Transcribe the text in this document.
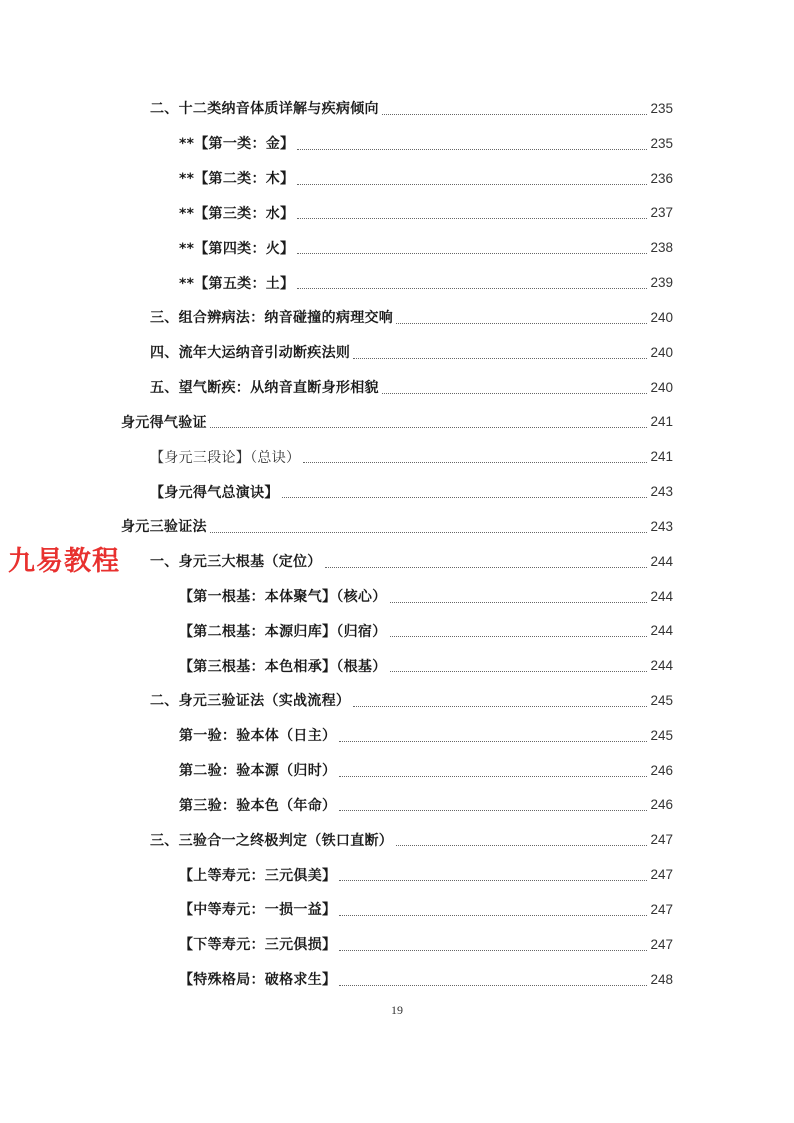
二、十二类纳音体质详解与疾病倾向	235
**【第一类：金】	235
**【第二类：木】	236
**【第三类：水】	237
**【第四类：火】	238
**【第五类：土】	239
三、组合辨病法：纳音碰撞的病理交响	240
四、流年大运纳音引动断疾法则	240
五、望气断疾：从纳音直断身形相貌	240
身元得气验证	241
【身元三段论】（总诀）	241
【身元得气总演诀】	243
身元三验证法	243
一、身元三大根基（定位）	244
【第一根基：本体聚气】（核心）	244
【第二根基：本源归库】（归宿）	244
【第三根基：本色相承】（根基）	244
二、身元三验证法（实战流程）	245
第一验：验本体（日主）	245
第二验：验本源（归时）	246
第三验：验本色（年命）	246
三、三验合一之终极判定（铁口直断）	247
【上等寿元：三元俱美】	247
【中等寿元：一损一益】	247
【下等寿元：三元俱损】	247
【特殊格局：破格求生】	248
九易教程
19
